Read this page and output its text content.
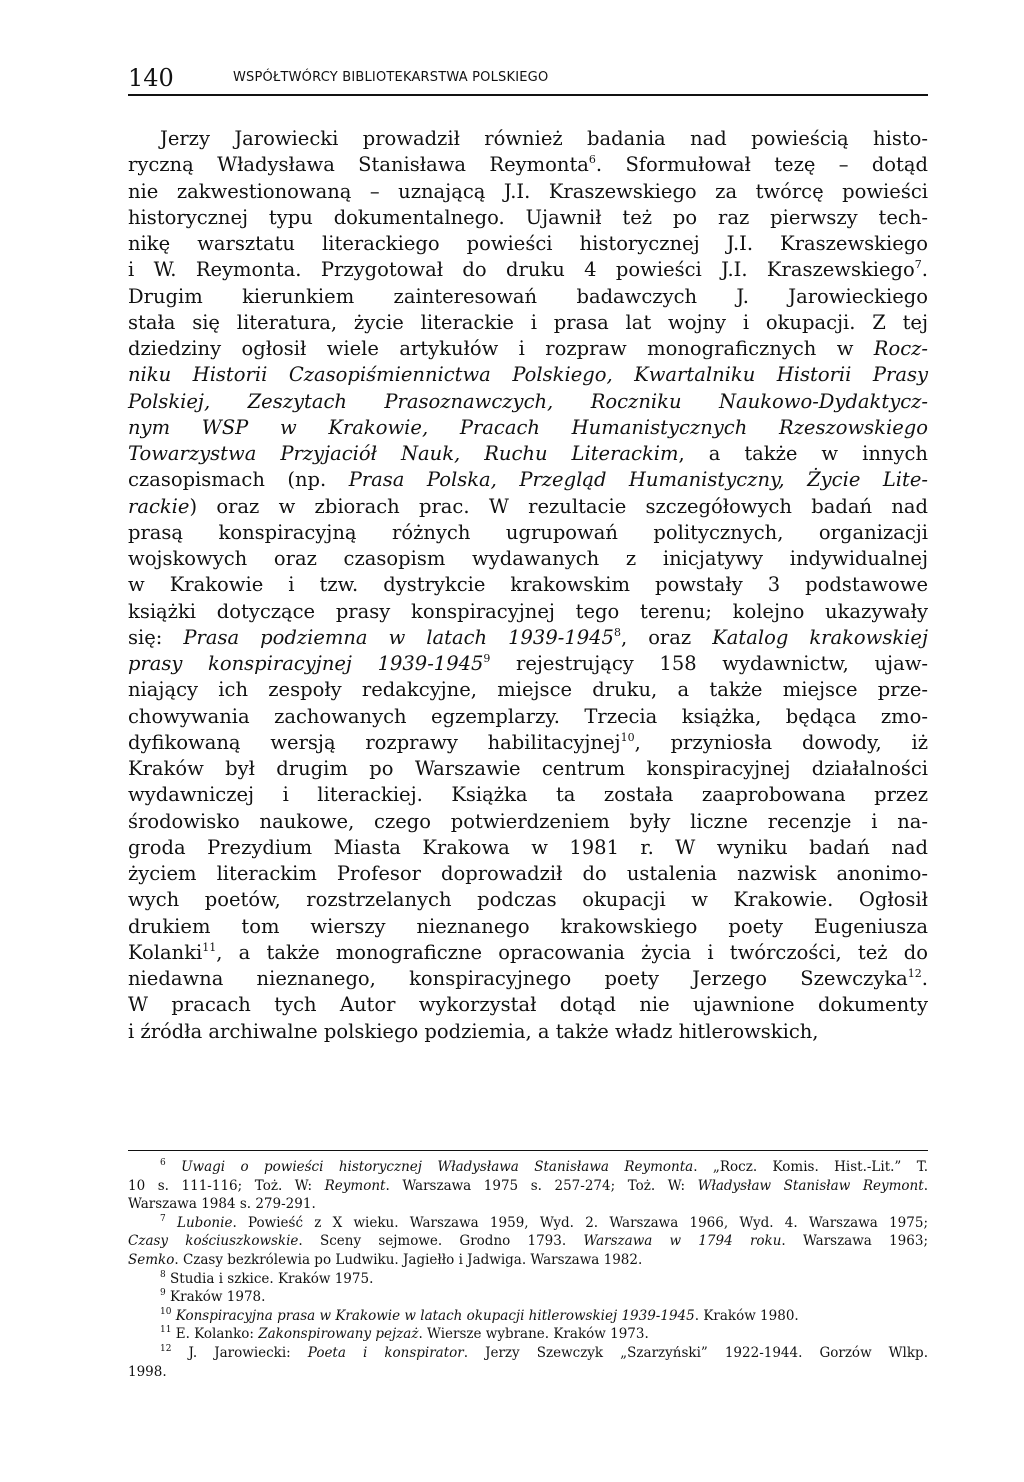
140	WSPÓŁTWÓRCY BIBLIOTEKARSTWA POLSKIEGO
Jerzy Jarowiecki prowadził również badania nad powieścią histo-
ryczną Władysława Stanisława Reymonta$^6$. Sformułował tezę – dotąd
nie zakwestionowaną – uznającą J.I. Kraszewskiego za twórcę powieści
historycznej typu dokumentalnego. Ujawnił też po raz pierwszy tech-
nikę warsztatu literackiego powieści historycznej J.I. Kraszewskiego
i W. Reymonta. Przygotował do druku 4 powieści J.I. Kraszewskiego$^7$.
Drugim kierunkiem zainteresowań badawczych J. Jarowieckiego
stała się literatura, życie literackie i prasa lat wojny i okupacji. Z tej
dziedziny ogłosił wiele artykułów i rozpraw monograficznych w Rocz-
niku Historii Czasopiśmiennictwa Polskiego, Kwartalniku Historii Prasy
Polskiej, Zeszytach Prasoznawczych, Roczniku Naukowo-Dydaktycz-
nym WSP w Krakowie, Pracach Humanistycznych Rzeszowskiego
Towarzystwa Przyjaciół Nauk, Ruchu Literackim, a także w innych
czasopismach (np. Prasa Polska, Przegląd Humanistyczny, Życie Lite-
rackie) oraz w zbiorach prac. W rezultacie szczegółowych badań nad
prasą konspiracyjną różnych ugrupowań politycznych, organizacji
wojskowych oraz czasopism wydawanych z inicjatywy indywidualnej
w Krakowie i tzw. dystrykcie krakowskim powstały 3 podstawowe
książki dotyczące prasy konspiracyjnej tego terenu; kolejno ukazywały
się: Prasa podziemna w latach 1939-1945$^8$, oraz Katalog krakowskiej
prasy konspiracyjnej 1939-1945$^9$ rejestrujący 158 wydawnictw, ujaw-
niający ich zespoły redakcyjne, miejsce druku, a także miejsce prze-
chowywania zachowanych egzemplarzy. Trzecia książka, będąca zmo-
dyfikowaną wersją rozprawy habilitacyjnej$^{10}$, przyniosła dowody, iż
Kraków był drugim po Warszawie centrum konspiracyjnej działalności
wydawniczej i literackiej. Książka ta została zaaprobowana przez
środowisko naukowe, czego potwierdzeniem były liczne recenzje i na-
groda Prezydium Miasta Krakowa w 1981 r. W wyniku badań nad
życiem literackim Profesor doprowadził do ustalenia nazwisk anonimo-
wych poetów, rozstrzelanych podczas okupacji w Krakowie. Ogłosił
drukiem tom wierszy nieznanego krakowskiego poety Eugeniusza
Kolanki$^{11}$, a także monograficzne opracowania życia i twórczości, też do
niedawna nieznanego, konspiracyjnego poety Jerzego Szewczyka$^{12}$.
W pracach tych Autor wykorzystał dotąd nie ujawnione dokumenty
i źródła archiwalne polskiego podziemia, a także władz hitlerowskich,
$^6$ Uwagi o powieści historycznej Władysława Stanisława Reymonta. „Rocz. Komis. Hist.-Lit.” T.
10 s. 111-116; Toż. W: Reymont. Warszawa 1975 s. 257-274; Toż. W: Władysław Stanisław Reymont.
Warszawa 1984 s. 279-291.
$^7$ Lubonie. Powieść z X wieku. Warszawa 1959, Wyd. 2. Warszawa 1966, Wyd. 4. Warszawa 1975;
Czasy kościuszkowskie. Sceny sejmowe. Grodno 1793. Warszawa w 1794 roku. Warszawa 1963;
Semko. Czasy bezkrólewia po Ludwiku. Jagiełło i Jadwiga. Warszawa 1982.
$^8$ Studia i szkice. Kraków 1975.
$^9$ Kraków 1978.
$^{10}$ Konspiracyjna prasa w Krakowie w latach okupacji hitlerowskiej 1939-1945. Kraków 1980.
$^{11}$ E. Kolanko: Zakonspirowany pejzaż. Wiersze wybrane. Kraków 1973.
$^{12}$ J. Jarowiecki: Poeta i konspirator. Jerzy Szewczyk „Szarzyński” 1922-1944. Gorzów Wlkp.
1998.
